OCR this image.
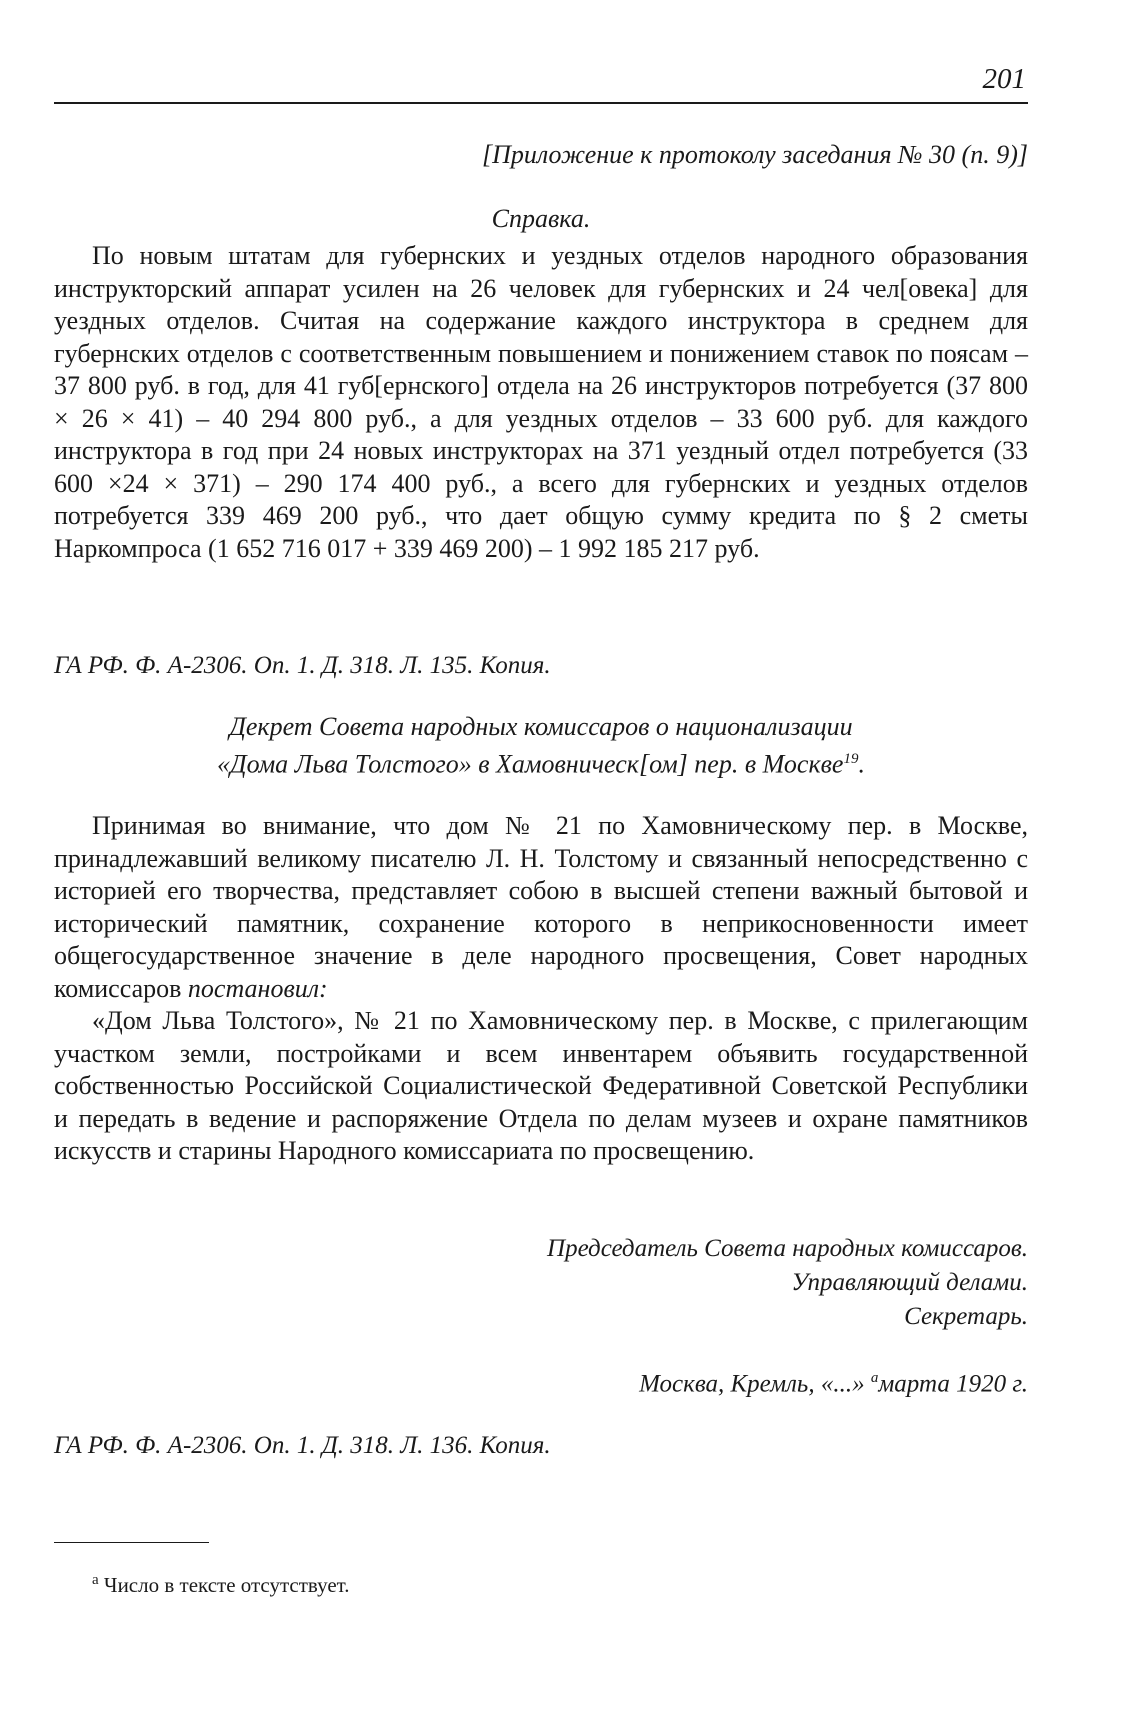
201
[Приложение к протоколу заседания № 30 (п. 9)]
Справка.

По новым штатам для губернских и уездных отделов народного образования инструкторский аппарат усилен на 26 человек для губернских и 24 чел[овека] для уездных отделов. Считая на содержание каждого инструктора в среднем для губернских отделов с соответственным повышением и понижением ставок по поясам – 37 800 руб. в год, для 41 губ[ернского] отдела на 26 инструкторов потребуется (37 800 × 26 × 41) – 40 294 800 руб., а для уездных отделов – 33 600 руб. для каждого инструктора в год при 24 новых инструкторах на 371 уездный отдел потребуется (33 600 ×24 × 371) – 290 174 400 руб., а всего для губернских и уездных отделов потребуется 339 469 200 руб., что дает общую сумму кредита по § 2 сметы Наркомпроса (1 652 716 017 + 339 469 200) – 1 992 185 217 руб.

ГА РФ. Ф. А-2306. Оп. 1. Д. 318. Л. 135. Копия.
Декрет Совета народных комиссаров о национализации
«Дома Льва Толстого» в Хамовническ[ом] пер. в Москве$^{19}$.

Принимая во внимание, что дом № 21 по Хамовническому пер. в Москве, принадлежавший великому писателю Л. Н. Толстому и связанный непосредственно с историей его творчества, представляет собою в высшей степени важный бытовой и исторический памятник, сохранение которого в неприкосновенности имеет общегосударственное значение в деле народного просвещения, Совет народных комиссаров постановил:

«Дом Льва Толстого», № 21 по Хамовническому пер. в Москве, с прилегающим участком земли, постройками и всем инвентарем объявить государственной собственностью Российской Социалистической Федеративной Советской Республики и передать в ведение и распоряжение Отдела по делам музеев и охране памятников искусств и старины Народного комиссариата по просвещению.

Председатель Совета народных комиссаров.
Управляющий делами.
Секретарь.
Москва, Кремль, «...» $^а$марта 1920 г.
ГА РФ. Ф. А-2306. Оп. 1. Д. 318. Л. 136. Копия.
$^а$ Число в тексте отсутствует.
